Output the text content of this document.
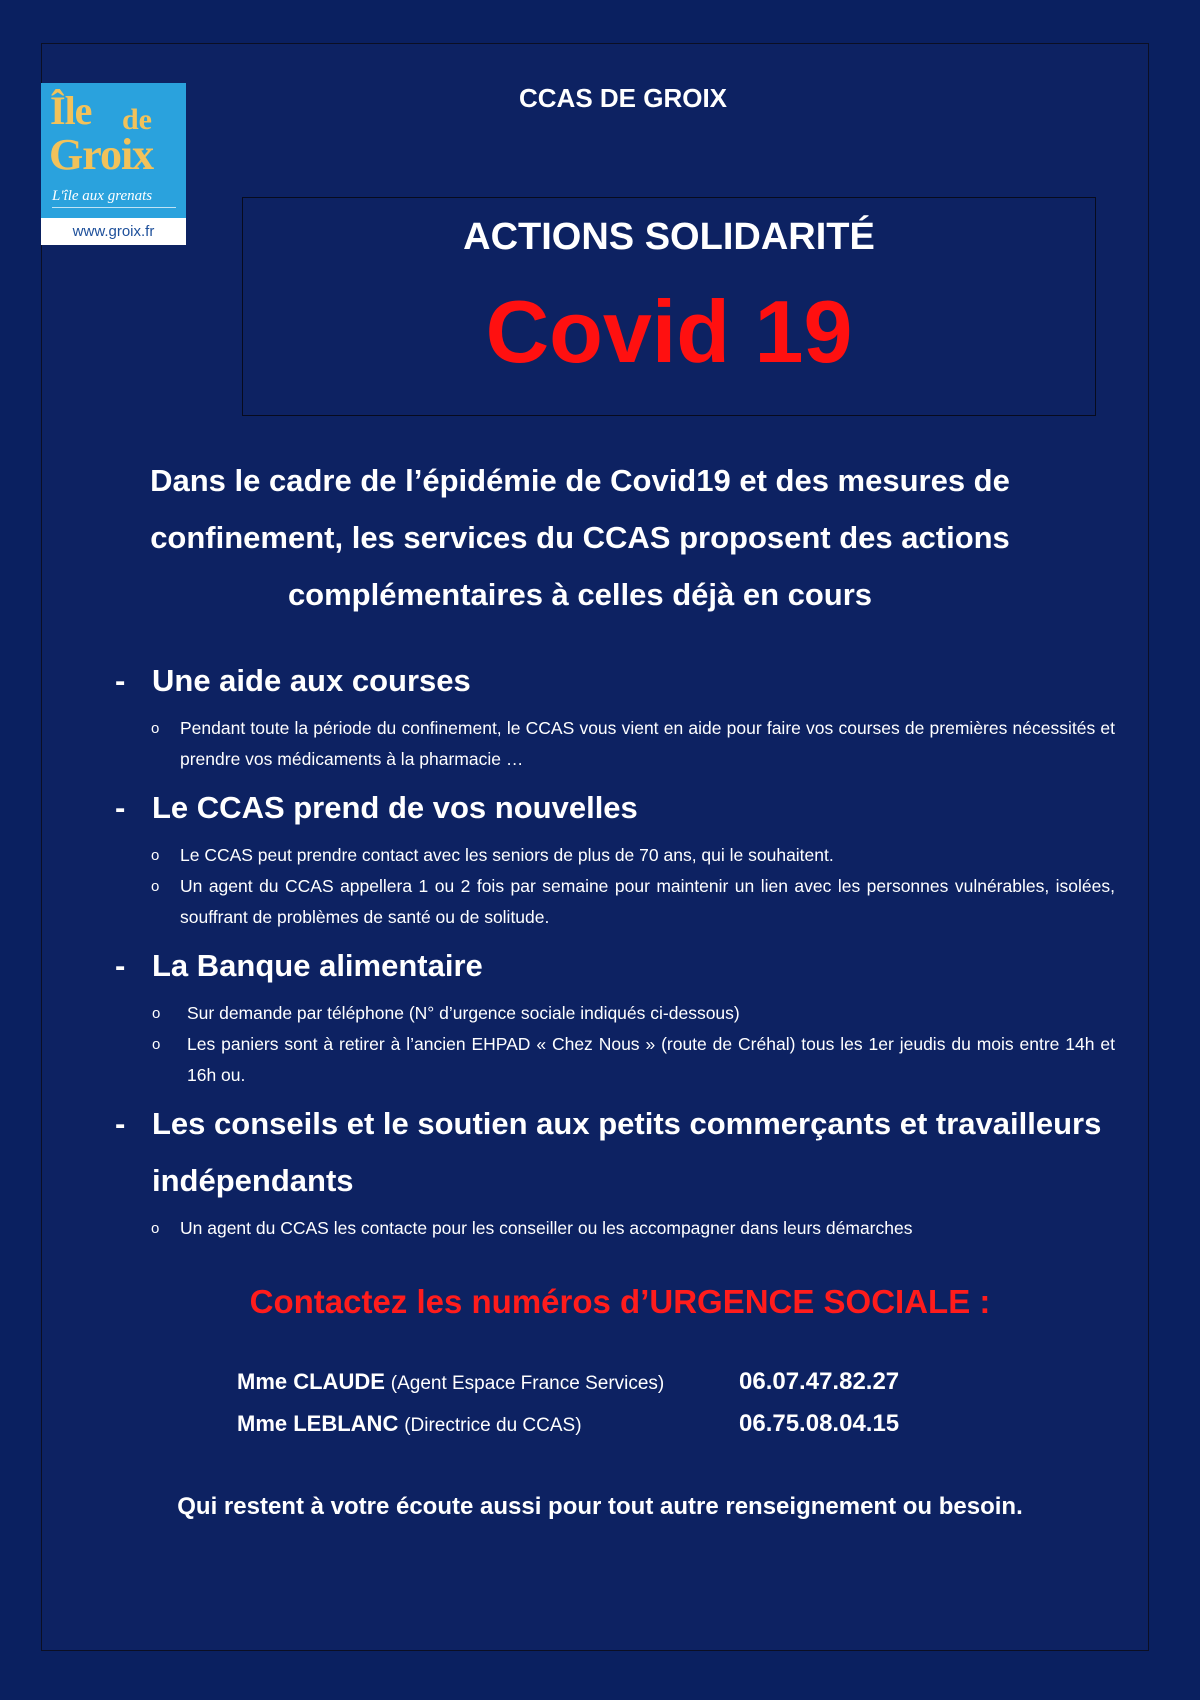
Île de
Groix
L'île aux grenats
www.groix.fr
CCAS DE GROIX
ACTIONS SOLIDARITÉ
Covid 19
Dans le cadre de l’épidémie de Covid19 et des mesures de confinement, les services du CCAS proposent des actions complémentaires à celles déjà en cours
- Une aide aux courses
o Pendant toute la période du confinement, le CCAS vous vient en aide pour faire vos courses de premières nécessités et prendre vos médicaments à la pharmacie …
- Le CCAS prend de vos nouvelles
o Le CCAS peut prendre contact avec les seniors de plus de 70 ans, qui le souhaitent.
o Un agent du CCAS appellera 1 ou 2 fois par semaine pour maintenir un lien avec les personnes vulnérables, isolées, souffrant de problèmes de santé ou de solitude.
- La Banque alimentaire
o Sur demande par téléphone (N° d’urgence sociale indiqués ci-dessous)
o Les paniers sont à retirer à l’ancien EHPAD « Chez Nous » (route de Créhal) tous les 1er jeudis du mois entre 14h et 16h ou.
- Les conseils et le soutien aux petits commerçants et travailleurs indépendants
o Un agent du CCAS les contacte pour les conseiller ou les accompagner dans leurs démarches
Contactez les numéros d’URGENCE SOCIALE :
Mme CLAUDE (Agent Espace France Services)	06.07.47.82.27
Mme LEBLANC (Directrice du CCAS)	06.75.08.04.15
Qui restent à votre écoute aussi pour tout autre renseignement ou besoin.
